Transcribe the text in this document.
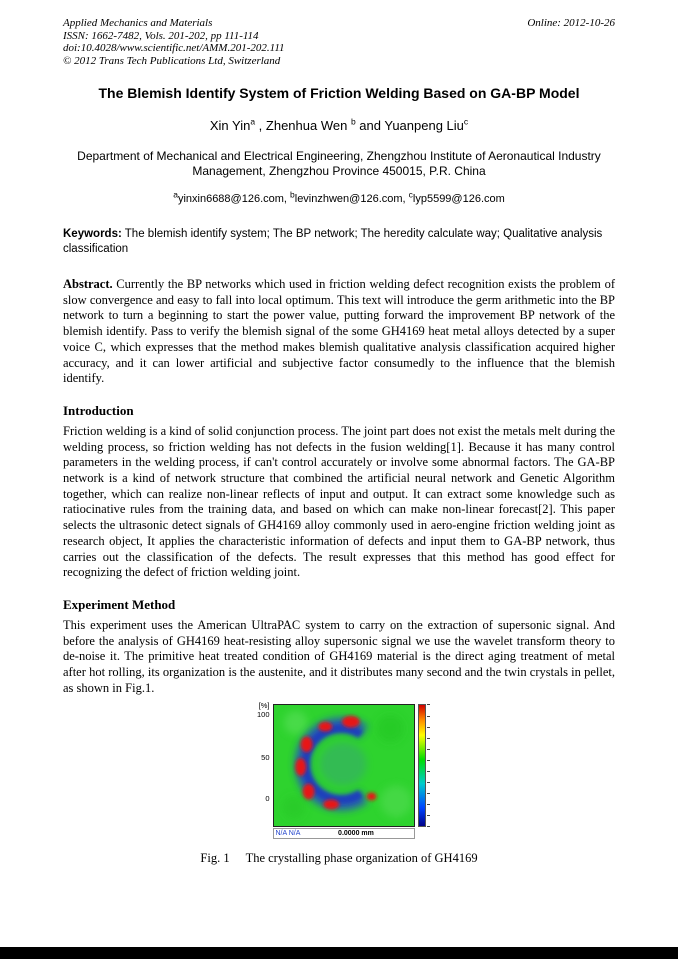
Applied Mechanics and Materials
ISSN: 1662-7482, Vols. 201-202, pp 111-114
doi:10.4028/www.scientific.net/AMM.201-202.111
© 2012 Trans Tech Publications Ltd, Switzerland
Online: 2012-10-26
The Blemish Identify System of Friction Welding Based on GA-BP Model
Xin Yin$^a$ , Zhenhua Wen $^b$ and Yuanpeng Liu$^c$
Department of Mechanical and Electrical Engineering, Zhengzhou Institute of Aeronautical Industry Management, Zhengzhou Province 450015, P.R. China
$^a$yinxin6688@126.com, $^b$levinzhwen@126.com, $^c$lyp5599@126.com
Keywords: The blemish identify system; The BP network; The heredity calculate way; Qualitative analysis classification

Abstract. Currently the BP networks which used in friction welding defect recognition exists the problem of slow convergence and easy to fall into local optimum. This text will introduce the germ arithmetic into the BP network to turn a beginning to start the power value, putting forward the improvement BP network of the blemish identify. Pass to verify the blemish signal of the some GH4169 heat metal alloys detected by a super voice C, which expresses that the method makes blemish qualitative analysis classification acquired higher accuracy, and it can lower artificial and subjective factor consumedly to the influence that the blemish identify.

Introduction

Friction welding is a kind of solid conjunction process. The joint part does not exist the metals melt during the welding process, so friction welding has not defects in the fusion welding[1]. Because it has many control parameters in the welding process, if can't control accurately or involve some abnormal factors. The GA-BP network is a kind of network structure that combined the artificial neural network and Genetic Algorithm together, which can realize non-linear reflects of input and output. It can extract some knowledge such as ratiocinative rules from the training data, and based on which can make non-linear forecast[2]. This paper selects the ultrasonic detect signals of GH4169 alloy commonly used in aero-engine friction welding joint as research object, It applies the characteristic information of defects and input them to GA-BP network, thus carries out the classification of the defects. The result expresses that this method has good effect for recognizing the defect of friction welding joint.

Experiment Method

This experiment uses the American UltraPAC system to carry on the extraction of supersonic signal. And before the analysis of GH4169 heat-resisting alloy supersonic signal we use the wavelet transform theory to de-noise it. The primitive heat treated condition of GH4169 material is the direct aging treatment of metal after hot rolling, its organization is the austenite, and it distributes many second and the twin crystals in pellet, as shown in Fig.1.

[%]
100
50
0
N/A N/A	0.0000 mm
Fig. 1 The crystalling phase organization of GH4169
